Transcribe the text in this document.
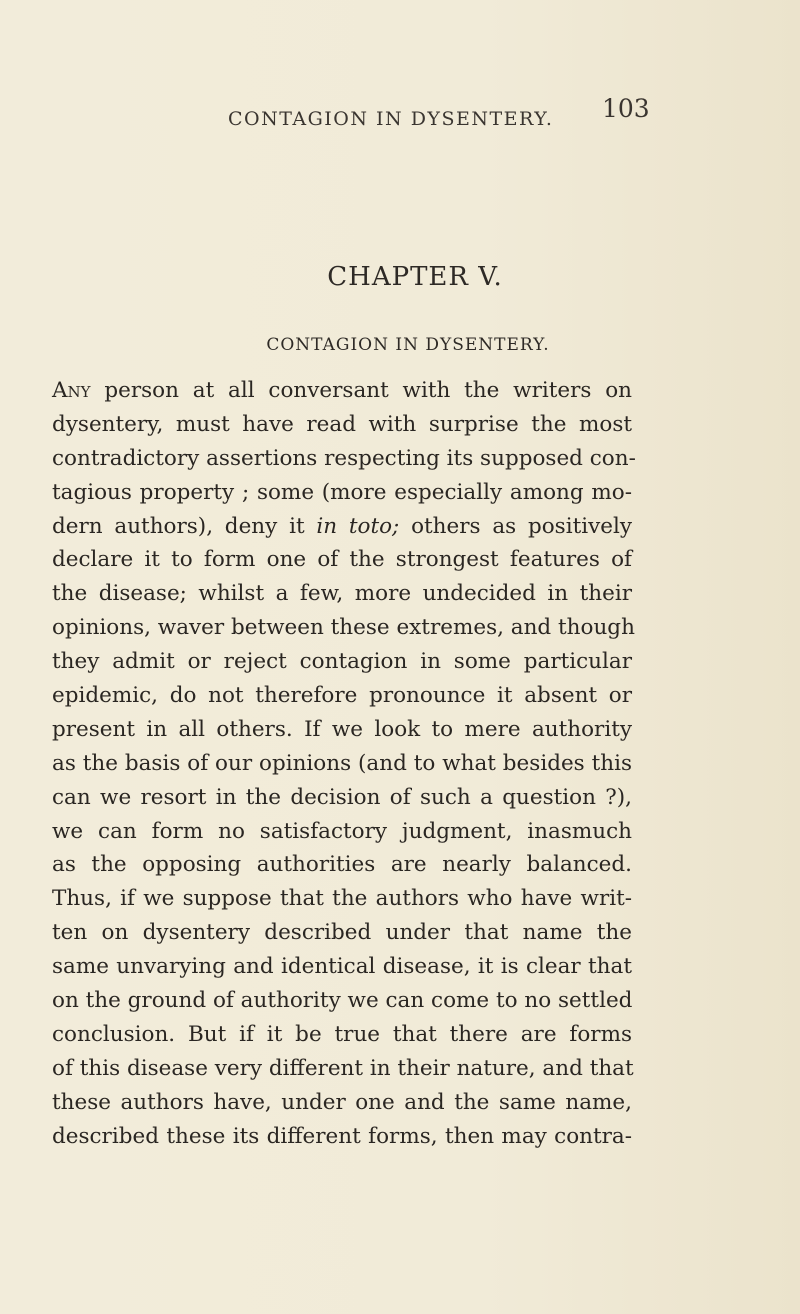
CONTAGION IN DYSENTERY. 103
CHAPTER V.
CONTAGION IN DYSENTERY.
Any person at all conversant with the writers on
dysentery, must have read with surprise the most
contradictory assertions respecting its supposed con-
tagious property ; some (more especially among mo-
dern authors), deny it in toto; others as positively
declare it to form one of the strongest features of
the disease; whilst a few, more undecided in their
opinions, waver between these extremes, and though
they admit or reject contagion in some particular
epidemic, do not therefore pronounce it absent or
present in all others. If we look to mere authority
as the basis of our opinions (and to what besides this
can we resort in the decision of such a question ?),
we can form no satisfactory judgment, inasmuch
as the opposing authorities are nearly balanced.
Thus, if we suppose that the authors who have writ-
ten on dysentery described under that name the
same unvarying and identical disease, it is clear that
on the ground of authority we can come to no settled
conclusion. But if it be true that there are forms
of this disease very different in their nature, and that
these authors have, under one and the same name,
described these its different forms, then may contra-
